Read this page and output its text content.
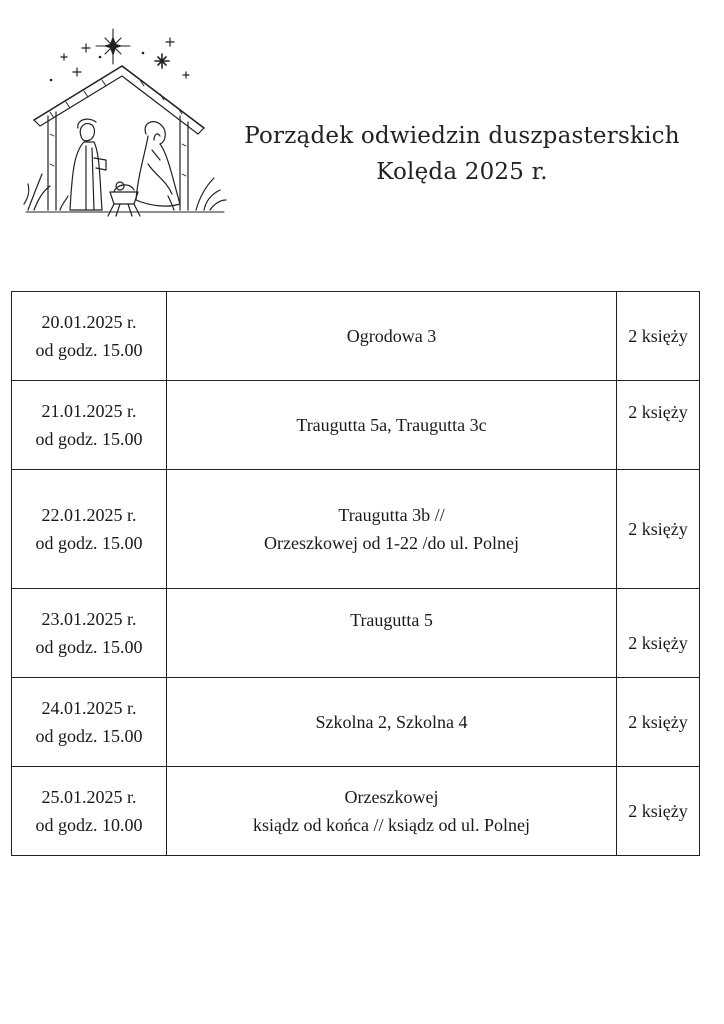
Porządek odwiedzin duszpasterskich
Kolęda 2025 r.
20.01.2025 r.
od godz. 15.00	Ogrodowa 3	2 księży

21.01.2025 r.
od godz. 15.00	Traugutta 5a, Traugutta 3c	2 księży

22.01.2025 r.
od godz. 15.00	Traugutta 3b //
Orzeszkowej od 1-22 /do ul. Polnej	2 księży

23.01.2025 r.
od godz. 15.00	Traugutta 5	2 księży

24.01.2025 r.
od godz. 15.00	Szkolna 2, Szkolna 4	2 księży

25.01.2025 r.
od godz. 10.00	Orzeszkowej
ksiądz od końca // ksiądz od ul. Polnej	2 księży
